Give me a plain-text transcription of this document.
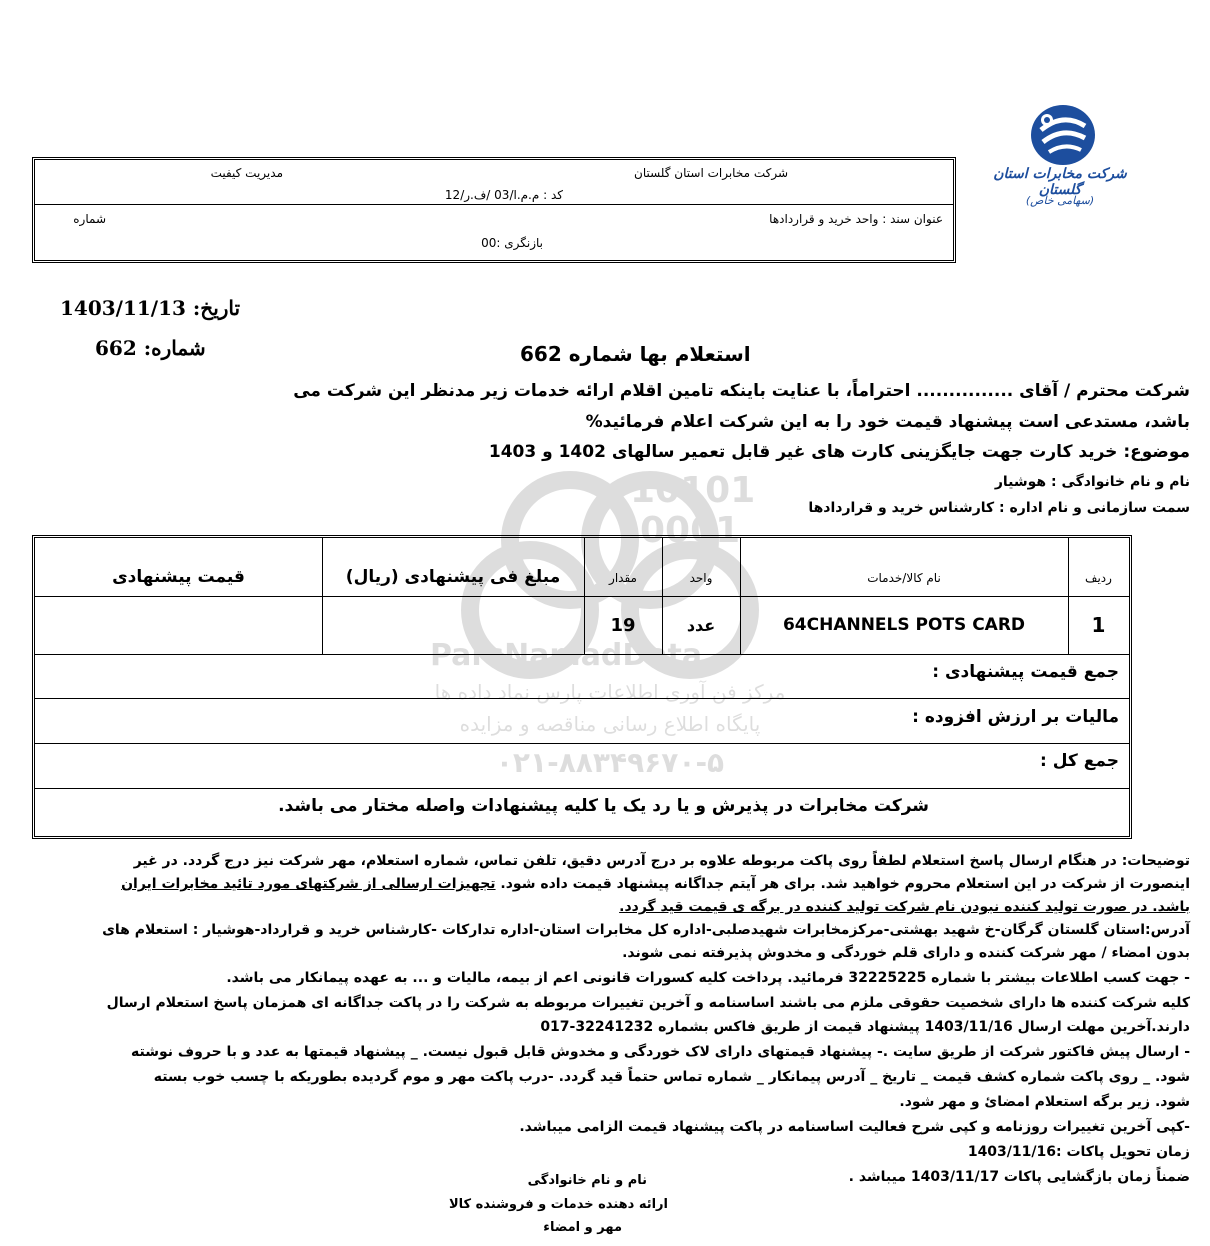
شرکت مخابرات استان گلستان
(سهامی خاص)
شرکت مخابرات استان گلستان
مدیریت کیفیت
کد : م.م.ا/03 /ف.ر/12
عنوان سند : واحد خرید و قراردادها
شماره
بازنگری :00
تاریخ: 1403/11/13
شماره: 662	استعلام بها شماره 662
شرکت محترم / آقای ............... احتراماً، با عنایت باینکه تامین اقلام ارائه خدمات زیر مدنظر این شرکت می
باشد، مستدعی است پیشنهاد قیمت خود را به این شرکت اعلام فرمائید%
موضوع: خرید کارت جهت جایگزینی کارت های غیر قابل تعمیر سالهای 1402 و 1403
نام و نام خانوادگی : هوشیار
سمت سازمانی و نام اداره : کارشناس خرید و قراردادها
10101
0001
ParsNamadData
مرکز فن آوری اطلاعات پارس نماد داده ها
پایگاه اطلاع رسانی مناقصه و مزایده
۰۲۱-۸۸۳۴۹۶۷۰-۵
ردیف
نام کالا/خدمات
واحد
مقدار
مبلغ فی پیشنهادی (ریال)
قیمت پیشنهادی
1
64CHANNELS POTS CARD
عدد
19
جمع قیمت پیشنهادی :
مالیات بر ارزش افزوده :
جمع کل :
شرکت مخابرات در پذیرش و یا رد یک یا کلیه پیشنهادات واصله مختار می باشد.
توضیحات: در هنگام ارسال پاسخ استعلام لطفاً روی پاکت مربوطه علاوه بر درج آدرس دقیق، تلفن تماس، شماره استعلام، مهر شرکت نیز درج گردد. در غیر
اینصورت از شرکت در این استعلام محروم خواهید شد. برای هر آیتم جداگانه پیشنهاد قیمت داده شود. تجهیزات ارسالی از شرکتهای مورد تائید مخابرات ایران
باشد. در صورت تولید کننده نبودن نام شرکت تولید کننده در برگه ی قیمت قید گردد.
آدرس:استان گلستان گرگان-خ شهید بهشتی-مرکزمخابرات شهیدصلبی-اداره کل مخابرات استان-اداره تدارکات -کارشناس خرید و قرارداد-هوشیار : استعلام های
بدون امضاء / مهر شرکت کننده و دارای قلم خوردگی و مخدوش پذیرفته نمی شوند.
- جهت کسب اطلاعات بیشتر با شماره 32225225 فرمائید. پرداخت کلیه کسورات قانونی اعم از بیمه، مالیات و ... به عهده پیمانکار می باشد.
کلیه شرکت کننده ها دارای شخصیت حقوقی ملزم می باشند اساسنامه و آخرین تغییرات مربوطه به شرکت را در پاکت جداگانه ای همزمان پاسخ استعلام ارسال
دارند.آخرین مهلت ارسال 1403/11/16 پیشنهاد قیمت از طریق فاکس بشماره 32241232-017
- ارسال پیش فاکتور شرکت از طریق سایت .- پیشنهاد قیمتهای دارای لاک خوردگی و مخدوش قابل قبول نیست. _ پیشنهاد قیمتها به عدد و با حروف نوشته
شود. _ روی پاکت شماره کشف قیمت _ تاریخ _ آدرس پیمانکار _ شماره تماس حتماً قید گردد. -درب پاکت مهر و موم گردیده بطوریکه با چسب خوب بسته
شود. زیر برگه استعلام امضائ و مهر شود.
-کپی آخرین تغییرات روزنامه و کپی شرح فعالیت اساسنامه در پاکت پیشنهاد قیمت الزامی میباشد.
زمان تحویل پاکات :1403/11/16
ضمناً زمان بازگشایی پاکات 1403/11/17 میباشد .
نام و نام خانوادگی
ارائه دهنده خدمات و فروشنده کالا
مهر و امضاء
